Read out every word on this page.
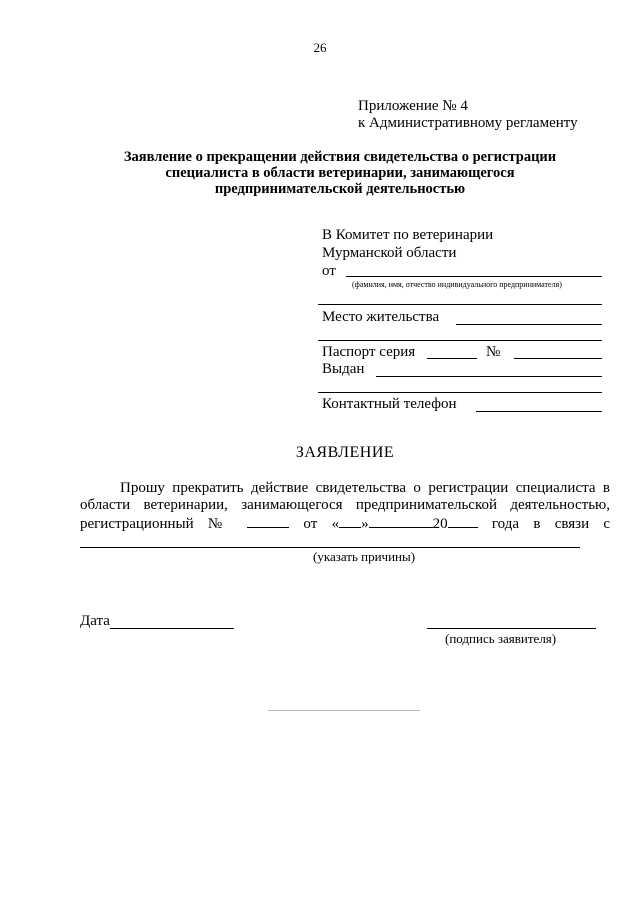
26
Приложение № 4
к Административному регламенту
Заявление о прекращении действия свидетельства о регистрации
специалиста в области ветеринарии, занимающегося
предпринимательской деятельностью
В Комитет по ветеринарии
Мурманской области
от
(фамилия, имя, отчество индивидуального предпринимателя)
Место жительства
Паспорт серия	№
Выдан
Контактный телефон
ЗАЯВЛЕНИЕ
Прошу прекратить действие свидетельства о регистрации специалиста в
области ветеринарии, занимающегося предпринимательской деятельностью,
регистрационный №	от « »	20	года в связи с
(указать причины)
Дата
(подпись заявителя)
